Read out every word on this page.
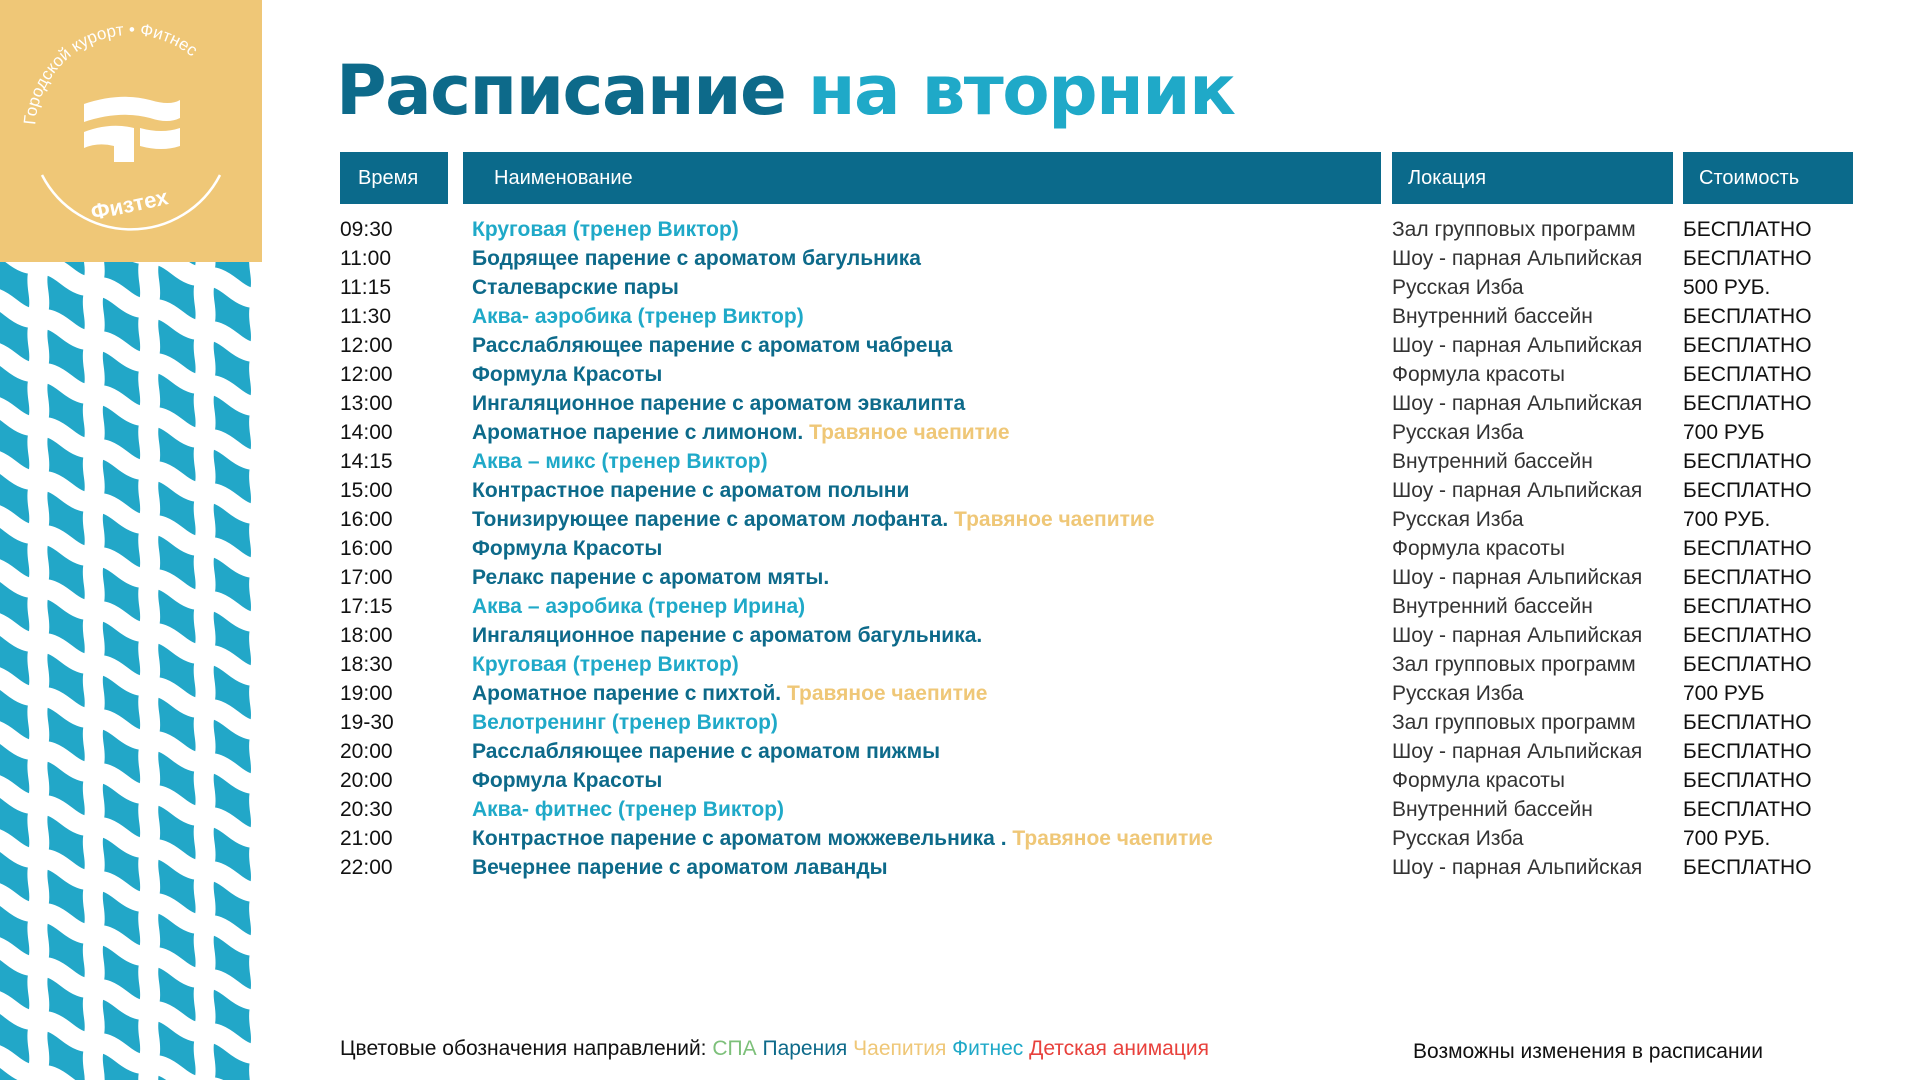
Городской курорт • Фитнес
Физтех
Расписание на вторник
Время	Наименование	Локация	Стоимость
09:30	Круговая (тренер Виктор)	Зал групповых программ БЕСПЛАТНО
11:00	Бодрящее парение с ароматом багульника	Шоу - парная Альпийская БЕСПЛАТНО
11:15	Сталеварские пары	Русская Изба	500 РУБ.
11:30	Аква- аэробика (тренер Виктор)	Внутренний бассейн	БЕСПЛАТНО
12:00	Расслабляющее парение с ароматом чабреца	Шоу - парная Альпийская БЕСПЛАТНО
12:00	Формула Красоты	Формула красоты	БЕСПЛАТНО
13:00	Ингаляционное парение с ароматом эвкалипта	Шоу - парная Альпийская БЕСПЛАТНО
14:00	Ароматное парение с лимоном. Травяное чаепитие	Русская Изба	700 РУБ
14:15	Аква – микс (тренер Виктор)	Внутренний бассейн	БЕСПЛАТНО
15:00	Контрастное парение с ароматом полыни	Шоу - парная Альпийская БЕСПЛАТНО
16:00	Тонизирующее парение с ароматом лофанта. Травяное чаепитие	Русская Изба	700 РУБ.
16:00	Формула Красоты	Формула красоты	БЕСПЛАТНО
17:00	Релакс парение с ароматом мяты.	Шоу - парная Альпийская БЕСПЛАТНО
17:15	Аква – аэробика (тренер Ирина)	Внутренний бассейн	БЕСПЛАТНО
18:00	Ингаляционное парение с ароматом багульника.	Шоу - парная Альпийская БЕСПЛАТНО
18:30	Круговая (тренер Виктор)	Зал групповых программ БЕСПЛАТНО
19:00	Ароматное парение с пихтой. Травяное чаепитие	Русская Изба	700 РУБ
19-30	Велотренинг (тренер Виктор)	Зал групповых программ БЕСПЛАТНО
20:00	Расслабляющее парение с ароматом пижмы	Шоу - парная Альпийская БЕСПЛАТНО
20:00	Формула Красоты	Формула красоты	БЕСПЛАТНО
20:30	Аква- фитнес (тренер Виктор)	Внутренний бассейн	БЕСПЛАТНО
21:00	Контрастное парение с ароматом можжевельника . Травяное чаепитие	Русская Изба	700 РУБ.
22:00	Вечернее парение с ароматом лаванды	Шоу - парная Альпийская БЕСПЛАТНО
Цветовые обозначения направлений: СПА Парения Чаепития Фитнес Детская анимация	Возможны изменения в расписании
